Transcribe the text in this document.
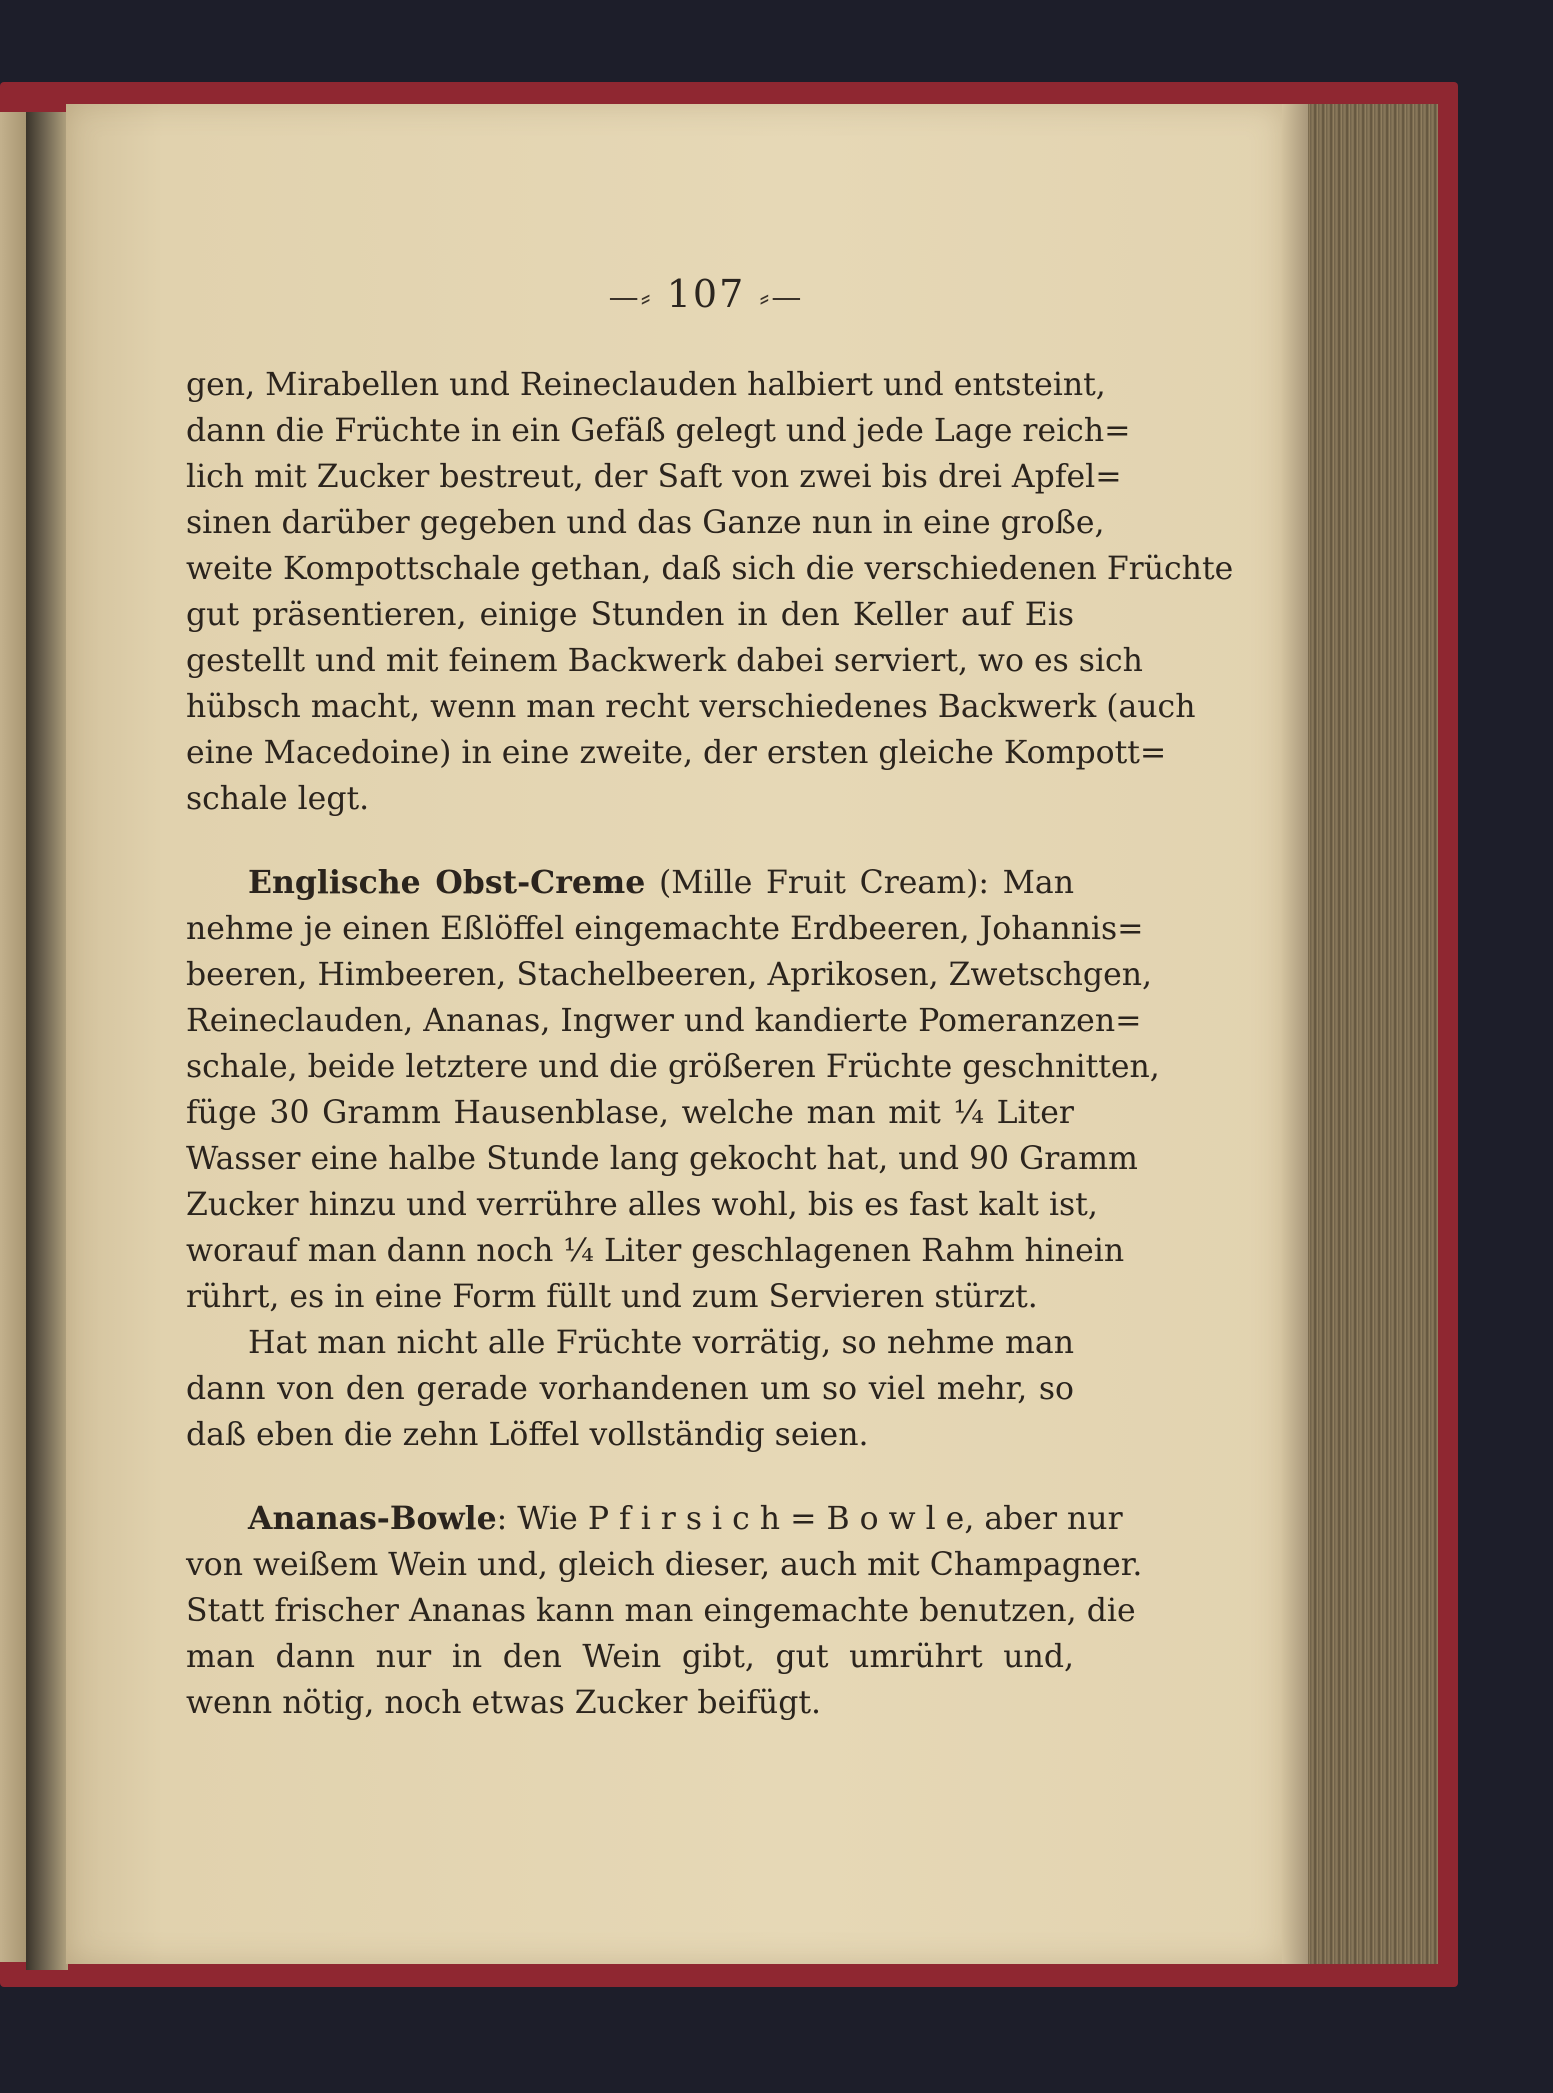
—⸗ 107 ⸗—
gen, Mirabellen und Reineclauden halbiert und entsteint,
dann die Früchte in ein Gefäß gelegt und jede Lage reich=
lich mit Zucker bestreut, der Saft von zwei bis drei Apfel=
sinen darüber gegeben und das Ganze nun in eine große,
weite Kompottschale gethan, daß sich die verschiedenen Früchte
gut präsentieren, einige Stunden in den Keller auf Eis
gestellt und mit feinem Backwerk dabei serviert, wo es sich
hübsch macht, wenn man recht verschiedenes Backwerk (auch
eine Macedoine) in eine zweite, der ersten gleiche Kompott=
schale legt.
Englische Obst-Creme (Mille Fruit Cream): Man
nehme je einen Eßlöffel eingemachte Erdbeeren, Johannis=
beeren, Himbeeren, Stachelbeeren, Aprikosen, Zwetschgen,
Reineclauden, Ananas, Ingwer und kandierte Pomeranzen=
schale, beide letztere und die größeren Früchte geschnitten,
füge 30 Gramm Hausenblase, welche man mit ¼ Liter
Wasser eine halbe Stunde lang gekocht hat, und 90 Gramm
Zucker hinzu und verrühre alles wohl, bis es fast kalt ist,
worauf man dann noch ¼ Liter geschlagenen Rahm hinein
rührt, es in eine Form füllt und zum Servieren stürzt.
Hat man nicht alle Früchte vorrätig, so nehme man
dann von den gerade vorhandenen um so viel mehr, so
daß eben die zehn Löffel vollständig seien.
Ananas-Bowle: Wie P f i r s i c h = B o w l e, aber nur
von weißem Wein und, gleich dieser, auch mit Champagner.
Statt frischer Ananas kann man eingemachte benutzen, die
man dann nur in den Wein gibt, gut umrührt und,
wenn nötig, noch etwas Zucker beifügt.
